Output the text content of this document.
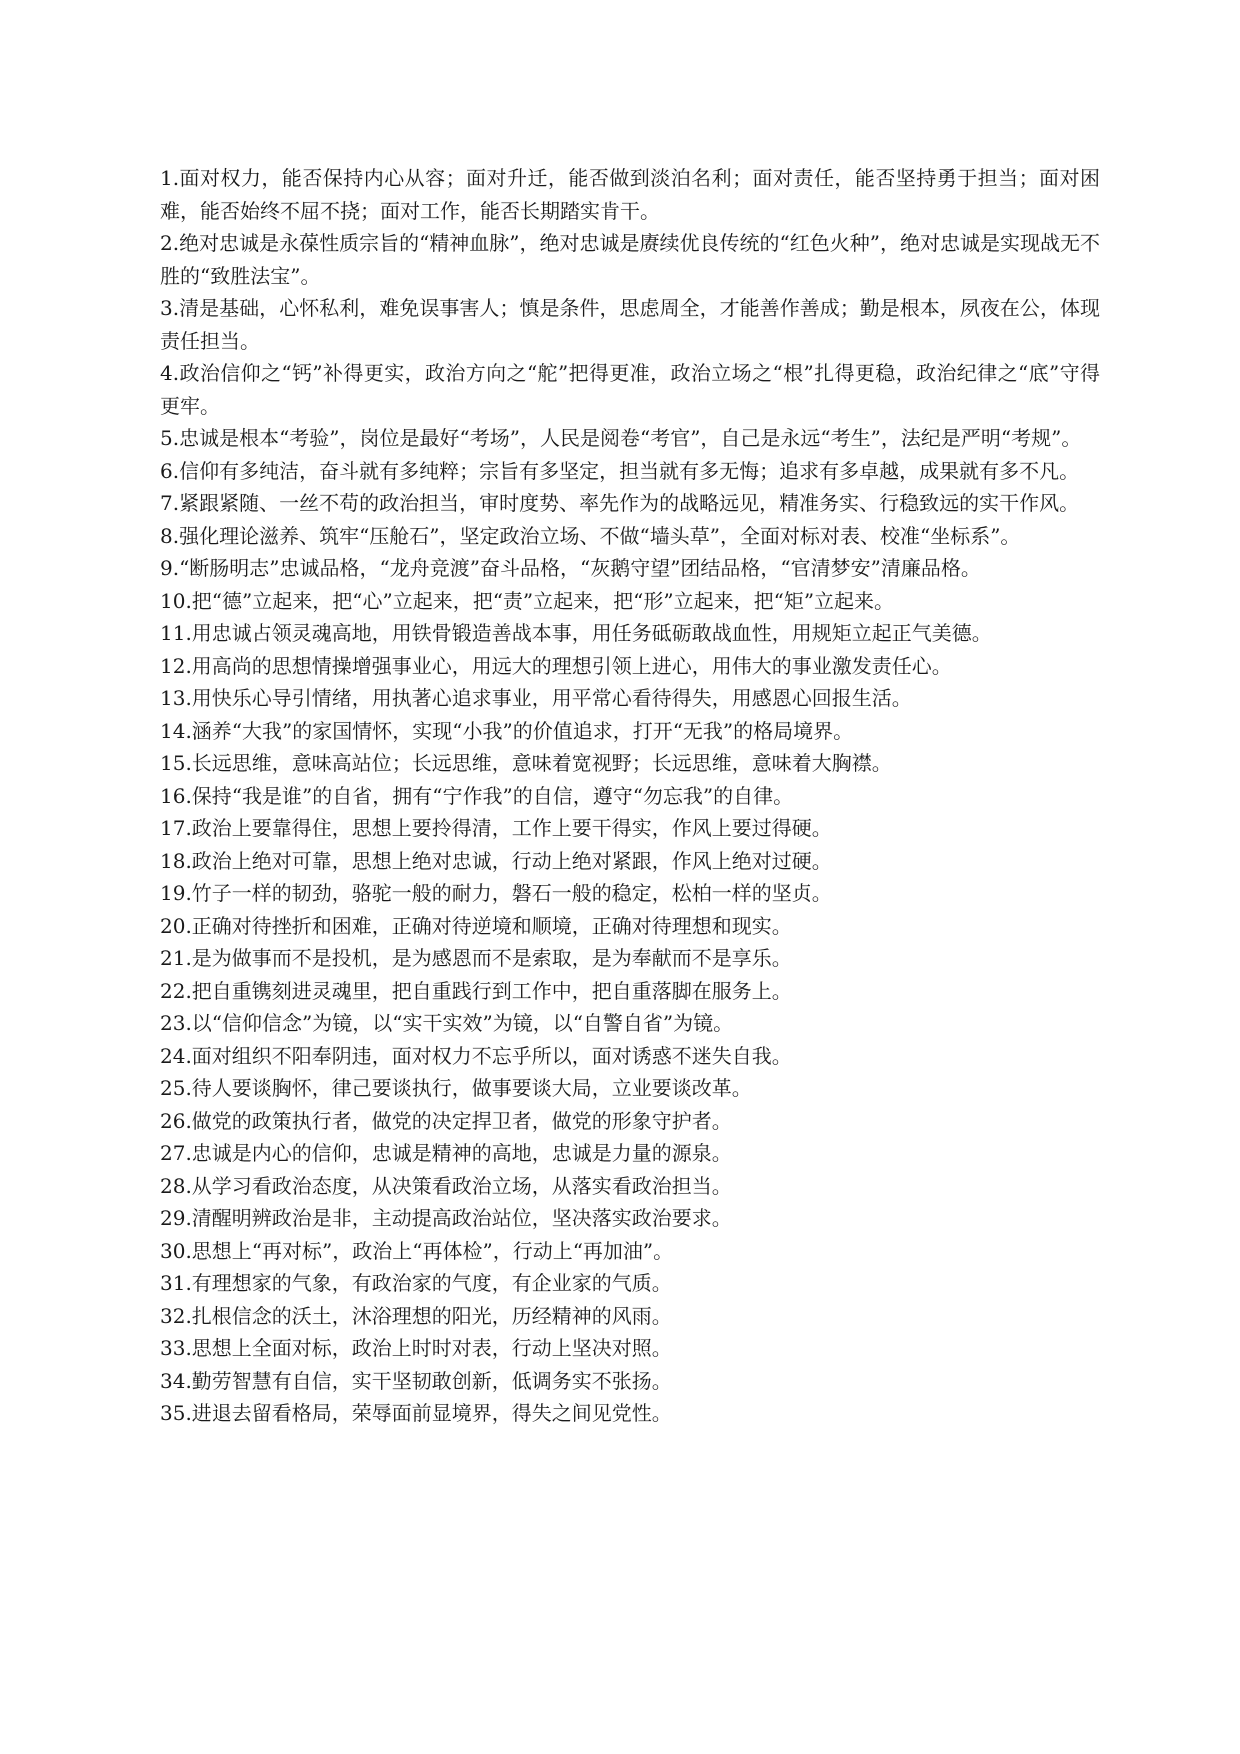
1.面对权力，能否保持内心从容；面对升迁，能否做到淡泊名利；面对责任，能否坚持勇于担当；面对困难，能否始终不屈不挠；面对工作，能否长期踏实肯干。

2.绝对忠诚是永葆性质宗旨的“精神血脉”，绝对忠诚是赓续优良传统的“红色火种”，绝对忠诚是实现战无不胜的“致胜法宝”。

3.清是基础，心怀私利，难免误事害人；慎是条件，思虑周全，才能善作善成；勤是根本，夙夜在公，体现责任担当。

4.政治信仰之“钙”补得更实，政治方向之“舵”把得更准，政治立场之“根”扎得更稳，政治纪律之“底”守得更牢。

5.忠诚是根本“考验”，岗位是最好“考场”，人民是阅卷“考官”，自己是永远“考生”，法纪是严明“考规”。

6.信仰有多纯洁，奋斗就有多纯粹；宗旨有多坚定，担当就有多无悔；追求有多卓越，成果就有多不凡。

7.紧跟紧随、一丝不苟的政治担当，审时度势、率先作为的战略远见，精准务实、行稳致远的实干作风。

8.强化理论滋养、筑牢“压舱石”，坚定政治立场、不做“墙头草”，全面对标对表、校准“坐标系”。

9.“断肠明志”忠诚品格，“龙舟竞渡”奋斗品格，“灰鹅守望”团结品格，“官清梦安”清廉品格。

10.把“德”立起来，把“心”立起来，把“责”立起来，把“形”立起来，把“矩”立起来。

11.用忠诚占领灵魂高地，用铁骨锻造善战本事，用任务砥砺敢战血性，用规矩立起正气美德。

12.用高尚的思想情操增强事业心，用远大的理想引领上进心，用伟大的事业激发责任心。

13.用快乐心导引情绪，用执著心追求事业，用平常心看待得失，用感恩心回报生活。

14.涵养“大我”的家国情怀，实现“小我”的价值追求，打开“无我”的格局境界。

15.长远思维，意味高站位；长远思维，意味着宽视野；长远思维，意味着大胸襟。

16.保持“我是谁”的自省，拥有“宁作我”的自信，遵守“勿忘我”的自律。

17.政治上要靠得住，思想上要拎得清，工作上要干得实，作风上要过得硬。

18.政治上绝对可靠，思想上绝对忠诚，行动上绝对紧跟，作风上绝对过硬。

19.竹子一样的韧劲，骆驼一般的耐力，磐石一般的稳定，松柏一样的坚贞。

20.正确对待挫折和困难，正确对待逆境和顺境，正确对待理想和现实。

21.是为做事而不是投机，是为感恩而不是索取，是为奉献而不是享乐。

22.把自重镌刻进灵魂里，把自重践行到工作中，把自重落脚在服务上。

23.以“信仰信念”为镜，以“实干实效”为镜，以“自警自省”为镜。

24.面对组织不阳奉阴违，面对权力不忘乎所以，面对诱惑不迷失自我。

25.待人要谈胸怀，律己要谈执行，做事要谈大局，立业要谈改革。

26.做党的政策执行者，做党的决定捍卫者，做党的形象守护者。

27.忠诚是内心的信仰，忠诚是精神的高地，忠诚是力量的源泉。

28.从学习看政治态度，从决策看政治立场，从落实看政治担当。

29.清醒明辨政治是非，主动提高政治站位，坚决落实政治要求。

30.思想上“再对标”，政治上“再体检”，行动上“再加油”。

31.有理想家的气象，有政治家的气度，有企业家的气质。

32.扎根信念的沃土，沐浴理想的阳光，历经精神的风雨。

33.思想上全面对标，政治上时时对表，行动上坚决对照。

34.勤劳智慧有自信，实干坚韧敢创新，低调务实不张扬。

35.进退去留看格局，荣辱面前显境界，得失之间见党性。
